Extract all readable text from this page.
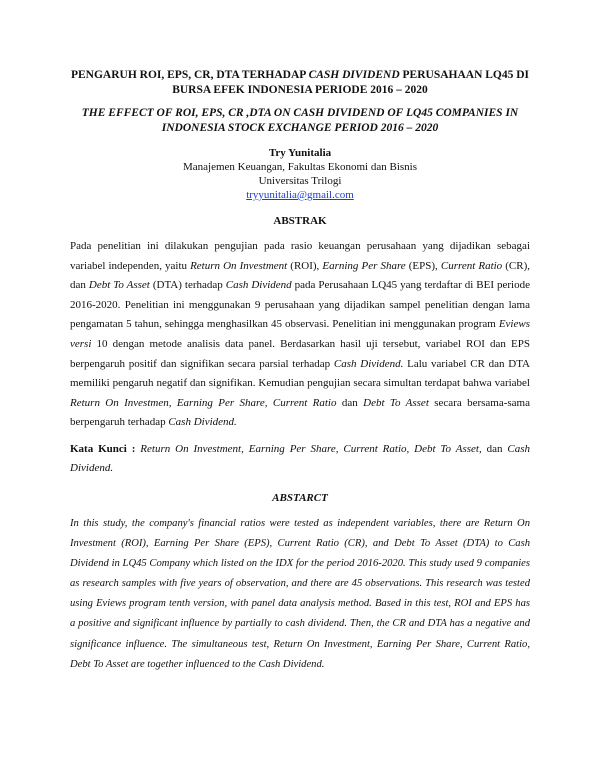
PENGARUH ROI, EPS, CR, DTA TERHADAP CASH DIVIDEND PERUSAHAAN LQ45 DI BURSA EFEK INDONESIA PERIODE 2016 – 2020
THE EFFECT OF ROI, EPS, CR ,DTA ON CASH DIVIDEND OF LQ45 COMPANIES IN INDONESIA STOCK EXCHANGE PERIOD 2016 – 2020
Try Yunitalia
Manajemen Keuangan, Fakultas Ekonomi dan Bisnis
Universitas Trilogi
tryyunitalia@gmail.com
ABSTRAK

Pada penelitian ini dilakukan pengujian pada rasio keuangan perusahaan yang dijadikan sebagai variabel independen, yaitu Return On Investment (ROI), Earning Per Share (EPS), Current Ratio (CR), dan Debt To Asset (DTA) terhadap Cash Dividend pada Perusahaan LQ45 yang terdaftar di BEI periode 2016-2020. Penelitian ini menggunakan 9 perusahaan yang dijadikan sampel penelitian dengan lama pengamatan 5 tahun, sehingga menghasilkan 45 observasi. Penelitian ini menggunakan program Eviews versi 10 dengan metode analisis data panel. Berdasarkan hasil uji tersebut, variabel ROI dan EPS berpengaruh positif dan signifikan secara parsial terhadap Cash Dividend. Lalu variabel CR dan DTA memiliki pengaruh negatif dan signifikan. Kemudian pengujian secara simultan terdapat bahwa variabel Return On Investmen, Earning Per Share, Current Ratio dan Debt To Asset secara bersama-sama berpengaruh terhadap Cash Dividend.

Kata Kunci : Return On Investment, Earning Per Share, Current Ratio, Debt To Asset, dan Cash Dividend.
ABSTARCT

In this study, the company's financial ratios were tested as independent variables, there are Return On Investment (ROI), Earning Per Share (EPS), Current Ratio (CR), and Debt To Asset (DTA) to Cash Dividend in LQ45 Company which listed on the IDX for the period 2016-2020. This study used 9 companies as research samples with five years of observation, and there are 45 observations. This research was tested using Eviews program tenth version, with panel data analysis method. Based in this test, ROI and EPS has a positive and significant influence by partially to cash dividend. Then, the CR and DTA has a negative and significance influence. The simultaneous test, Return On Investment, Earning Per Share, Current Ratio, Debt To Asset are together influenced to the Cash Dividend.
